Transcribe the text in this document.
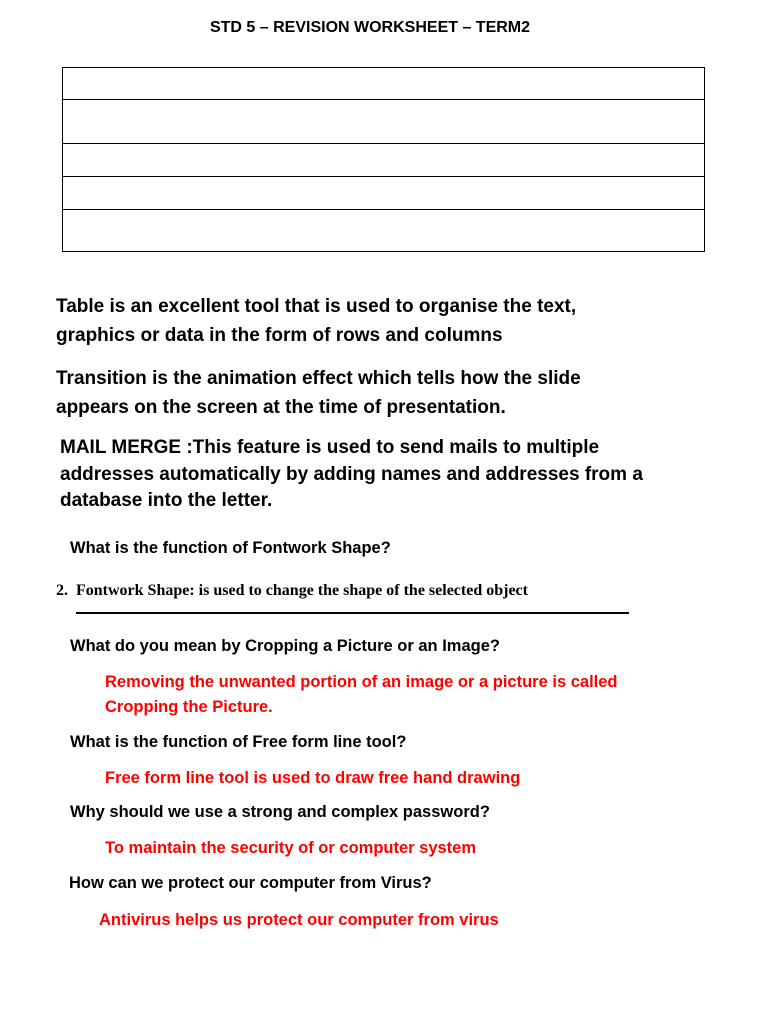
STD 5 – REVISION WORKSHEET – TERM2
Table is an excellent tool that is used to organise the text,
graphics or data in the form of rows and columns
Transition is the animation effect which tells how the slide
appears on the screen at the time of presentation.
MAIL MERGE :This feature is used to send mails to multiple
addresses automatically by adding names and addresses from a
database into the letter.
What is the function of Fontwork Shape?
2. Fontwork Shape: is used to change the shape of the selected object
What do you mean by Cropping a Picture or an Image?
Removing the unwanted portion of an image or a picture is called
Cropping the Picture.
What is the function of Free form line tool?
Free form line tool is used to draw free hand drawing
Why should we use a strong and complex password?
To maintain the security of or computer system
How can we protect our computer from Virus?
Antivirus helps us protect our computer from virus
